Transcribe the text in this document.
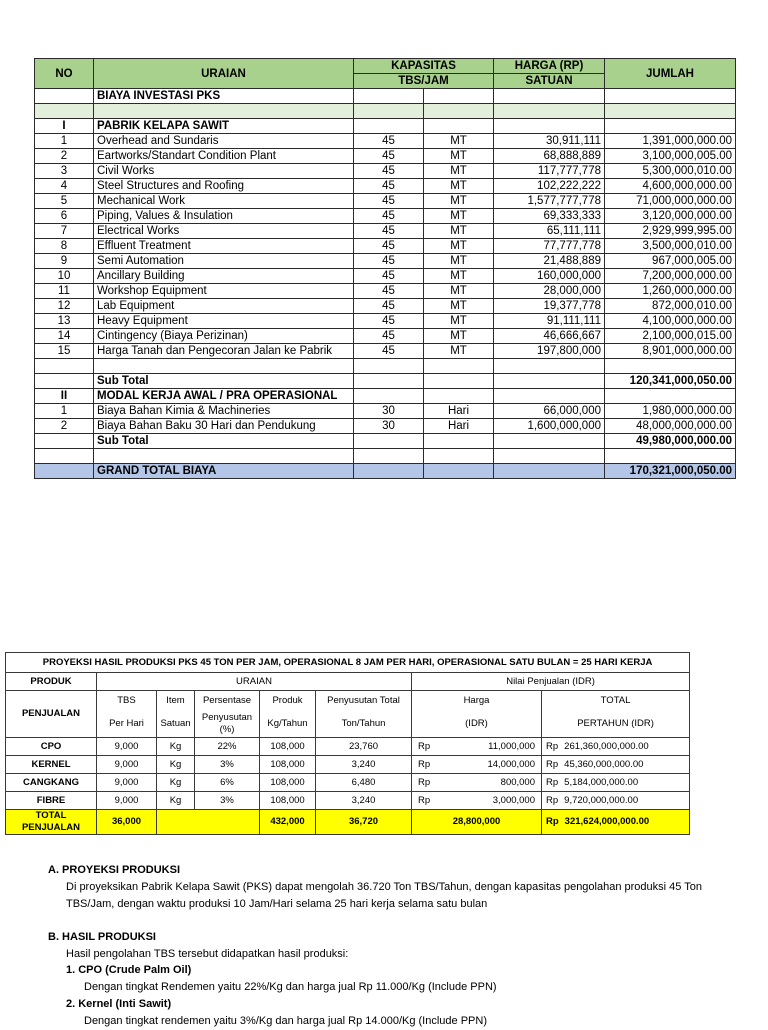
NO	URAIAN	KAPASITAS		HARGA (RP)	JUMLAH
		TBS/JAM		SATUAN	
	BIAYA INVESTASI PKS				

I	PABRIK KELAPA SAWIT				
1	Overhead and Sundaris	45	MT	30,911,111	1,391,000,000.00
2	Eartworks/Standart Condition Plant	45	MT	68,888,889	3,100,000,005.00
3	Civil Works	45	MT	117,777,778	5,300,000,010.00
4	Steel Structures and Roofing	45	MT	102,222,222	4,600,000,000.00
5	Mechanical Work	45	MT	1,577,777,778	71,000,000,000.00
6	Piping, Values & Insulation	45	MT	69,333,333	3,120,000,000.00
7	Electrical Works	45	MT	65,111,111	2,929,999,995.00
8	Effluent Treatment	45	MT	77,777,778	3,500,000,010.00
9	Semi Automation	45	MT	21,488,889	967,000,005.00
10	Ancillary Building	45	MT	160,000,000	7,200,000,000.00
11	Workshop Equipment	45	MT	28,000,000	1,260,000,000.00
12	Lab Equipment	45	MT	19,377,778	872,000,010.00
13	Heavy Equipment	45	MT	91,111,111	4,100,000,000.00
14	Cintingency (Biaya Perizinan)	45	MT	46,666,667	2,100,000,015.00
15	Harga Tanah dan Pengecoran Jalan ke Pabrik	45	MT	197,800,000	8,901,000,000.00

	Sub Total				120,341,000,050.00
II	MODAL KERJA AWAL / PRA OPERASIONAL				
1	Biaya Bahan Kimia & Machineries	30	Hari	66,000,000	1,980,000,000.00
2	Biaya Bahan Baku 30 Hari dan Pendukung	30	Hari	1,600,000,000	48,000,000,000.00
	Sub Total				49,980,000,000.00

	GRAND TOTAL BIAYA				170,321,000,050.00
PROYEKSI HASIL PRODUKSI PKS 45 TON PER JAM, OPERASIONAL 8 JAM PER HARI, OPERASIONAL SATU BULAN = 25 HARI KERJA							
PRODUK	URAIAN					Nilai Penjualan (IDR)	
PENJUALAN	TBS	Item	Persentase	Produk	Penyusutan Total	Harga	TOTAL
	Per Hari	Satuan	Penyusutan (%)	Kg/Tahun	Ton/Tahun	(IDR)	PERTAHUN (IDR)
CPO	9,000	Kg	22%	108,000	23,760	Rp 11,000,000	Rp 261,360,000,000.00

KERNEL	9,000	Kg	3%	108,000	3,240	Rp 14,000,000	Rp 45,360,000,000.00

CANGKANG	9,000	Kg	6%	108,000	6,480	Rp 800,000	Rp 5,184,000,000.00

FIBRE	9,000	Kg	3%	108,000	3,240	Rp 3,000,000	Rp 9,720,000,000.00

TOTAL PENJUALAN	36,000			432,000	36,720	28,800,000	Rp 321,624,000,000.00
A. PROYEKSI PRODUKSI
Di proyeksikan Pabrik Kelapa Sawit (PKS) dapat mengolah 36.720 Ton TBS/Tahun, dengan kapasitas pengolahan produksi 45 Ton
TBS/Jam, dengan waktu produksi 10 Jam/Hari selama 25 hari kerja selama satu bulan
B. HASIL PRODUKSI
Hasil pengolahan TBS tersebut didapatkan hasil produksi:
1. CPO (Crude Palm Oil)
Dengan tingkat Rendemen yaitu 22%/Kg dan harga jual Rp 11.000/Kg (Include PPN)
2. Kernel (Inti Sawit)
Dengan tingkat rendemen yaitu 3%/Kg dan harga jual Rp 14.000/Kg (Include PPN)
